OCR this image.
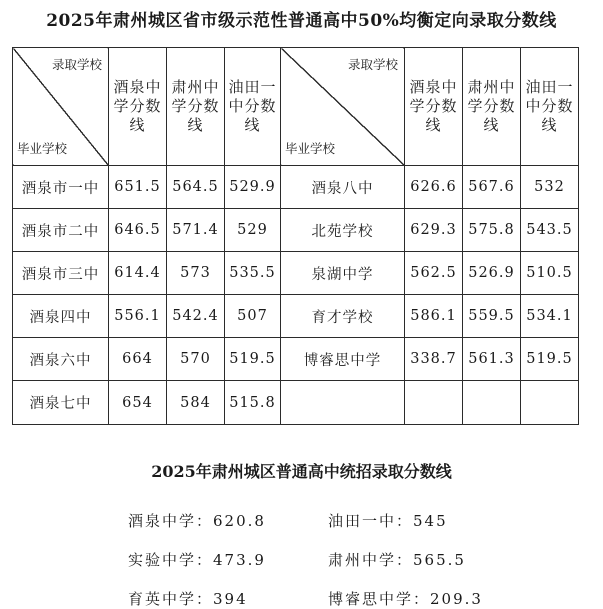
2025年肃州城区省市级示范性普通高中50%均衡定向录取分数线
录取学校
毕业学校	酒泉中学分数线	肃州中学分数线	油田一中分数线	录取学校
毕业学校	酒泉中学分数线	肃州中学分数线	油田一中分数线

酒泉市一中	651.5	564.5	529.9	酒泉八中	626.6	567.6	532
酒泉市二中	646.5	571.4	529	北苑学校	629.3	575.8	543.5
酒泉市三中	614.4	573	535.5	泉湖中学	562.5	526.9	510.5
酒泉四中	556.1	542.4	507	育才学校	586.1	559.5	534.1
酒泉六中	664	570	519.5	博睿思中学	338.7	561.3	519.5
酒泉七中	654	584	515.8				
2025年肃州城区普通高中统招录取分数线
酒泉中学：620.8	油田一中：545
实验中学：473.9	肃州中学：565.5
育英中学：394	博睿思中学：209.3
